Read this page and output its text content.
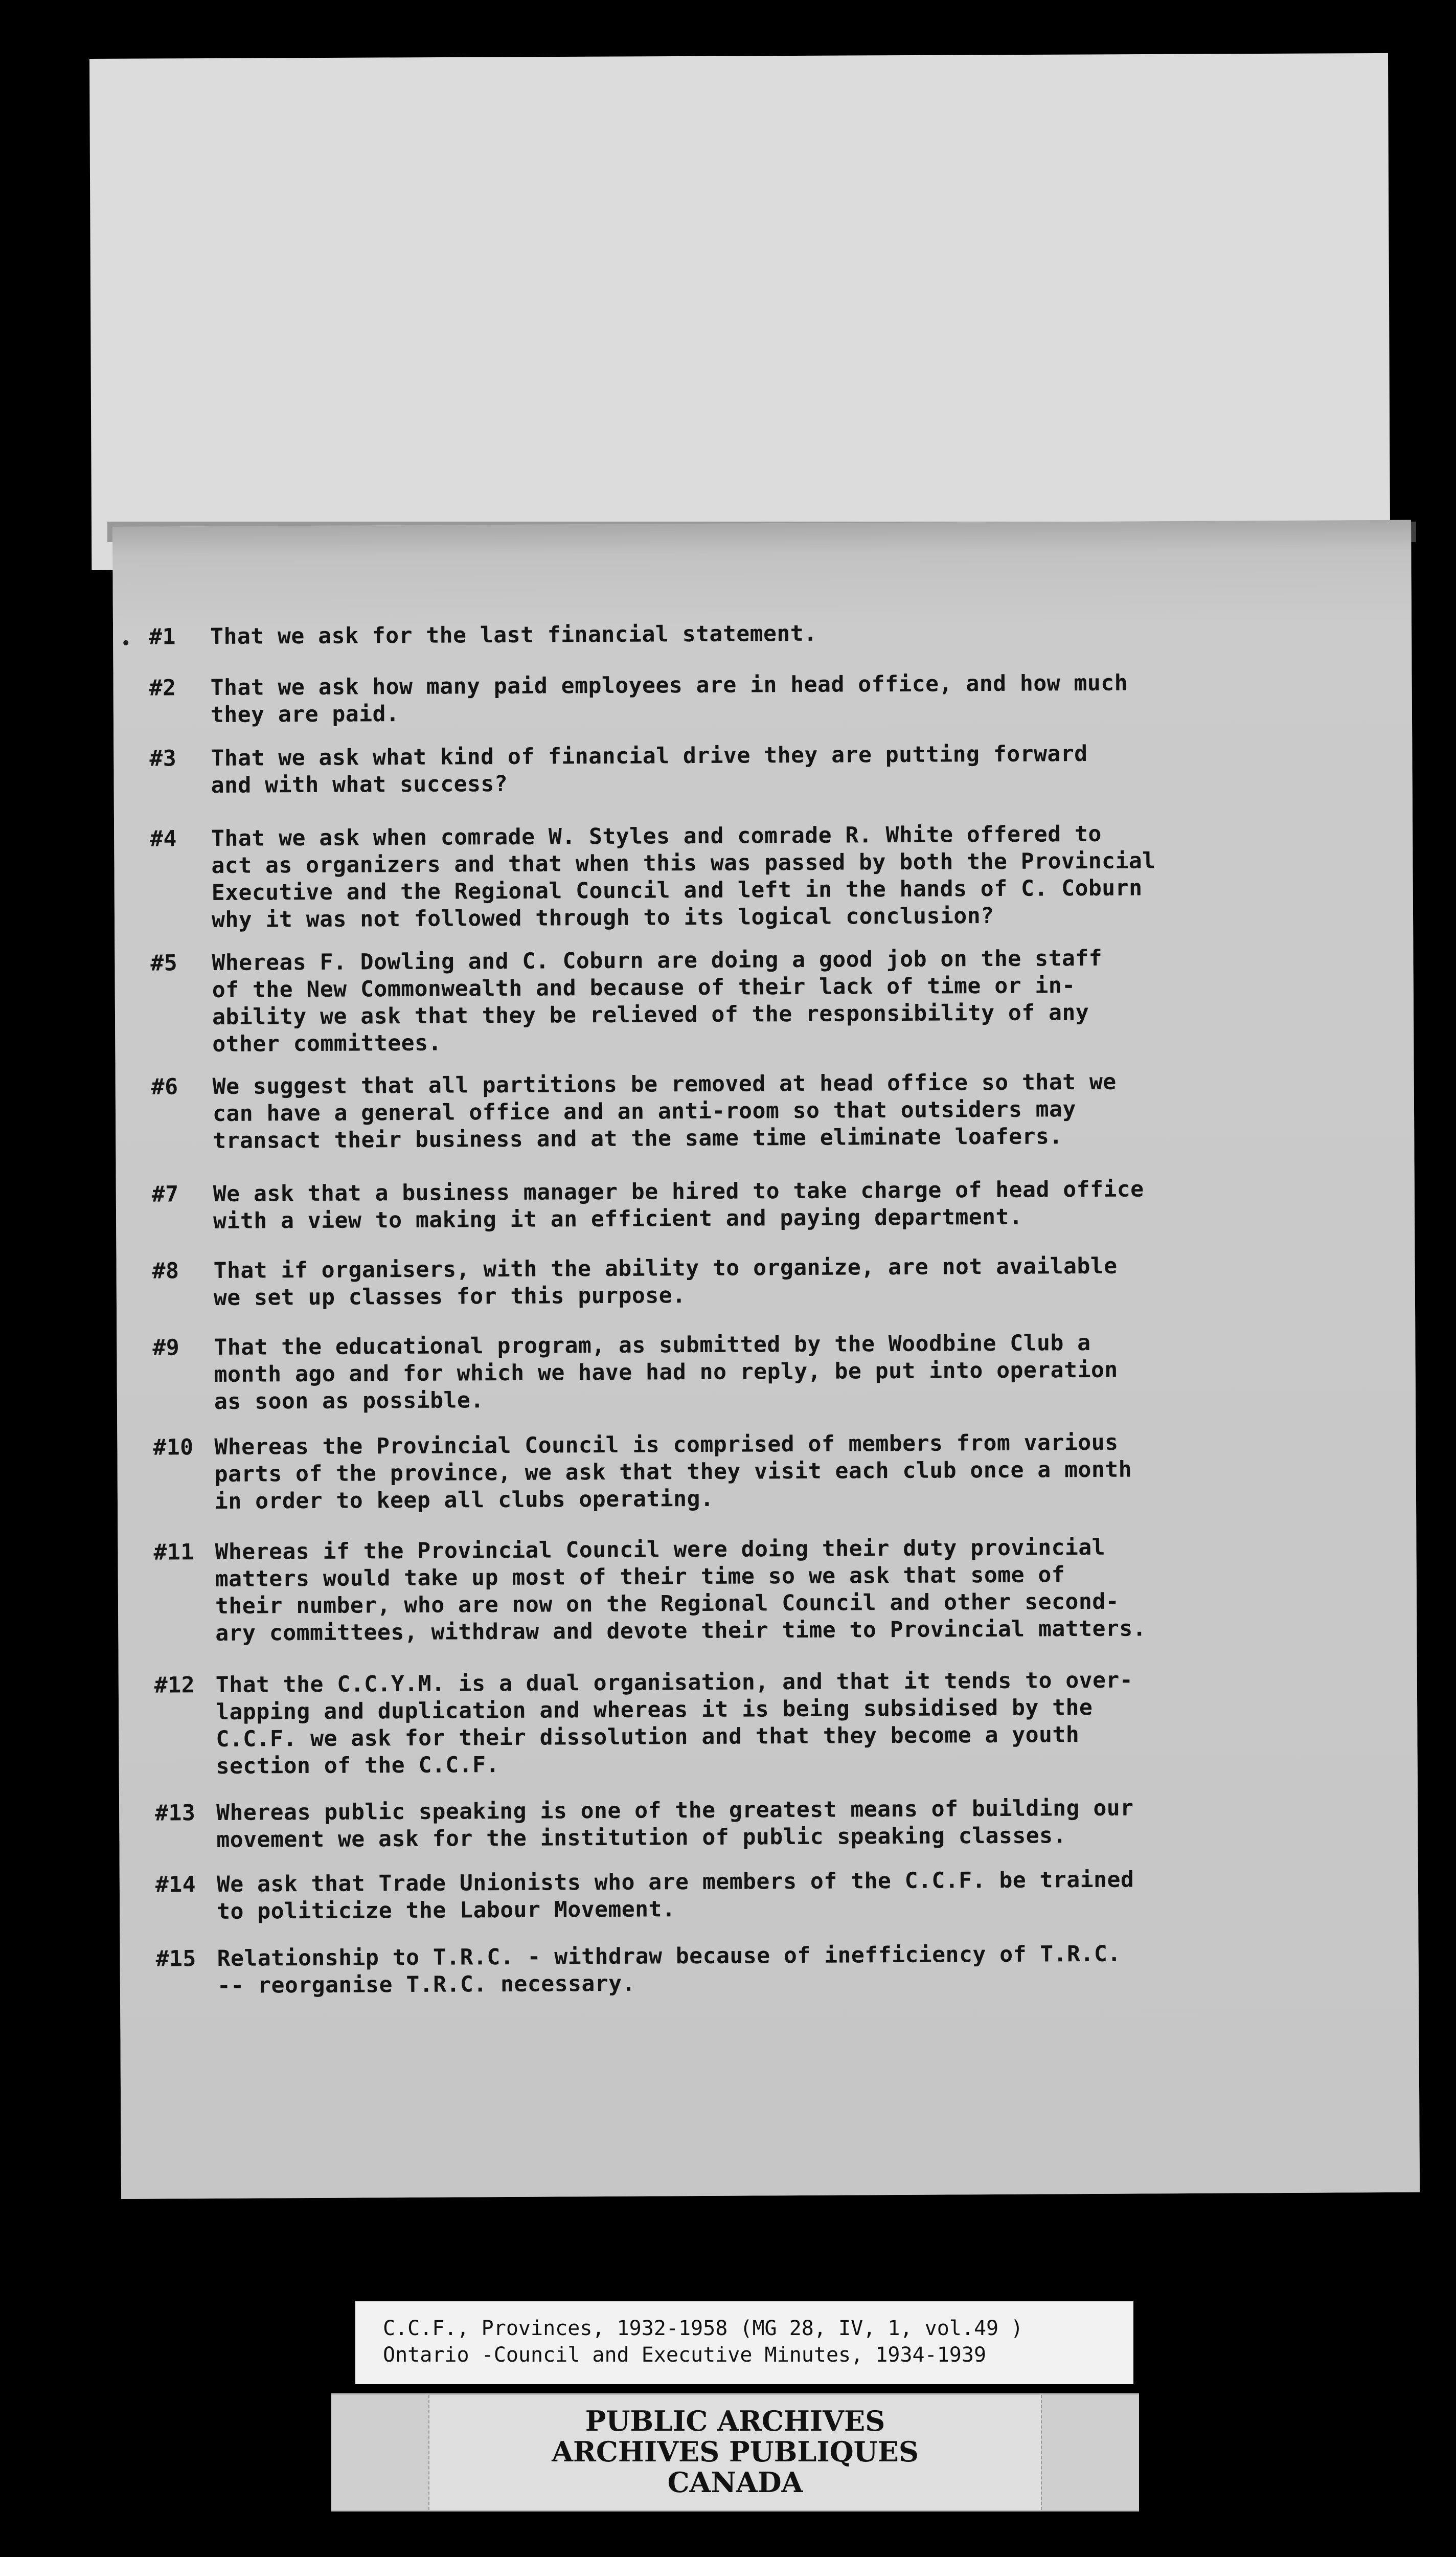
#1	That we ask for the last financial statement.
#2	That we ask how many paid employees are in head office, and how much
they are paid.
#3	That we ask what kind of financial drive they are putting forward
and with what success?
#4	That we ask when comrade W. Styles and comrade R. White offered to
act as organizers and that when this was passed by both the Provincial
Executive and the Regional Council and left in the hands of C. Coburn
why it was not followed through to its logical conclusion?
#5	Whereas F. Dowling and C. Coburn are doing a good job on the staff
of the New Commonwealth and because of their lack of time or in-
ability we ask that they be relieved of the responsibility of any
other committees.
#6	We suggest that all partitions be removed at head office so that we
can have a general office and an anti-room so that outsiders may
transact their business and at the same time eliminate loafers.
#7	We ask that a business manager be hired to take charge of head office
with a view to making it an efficient and paying department.
#8	That if organisers, with the ability to organize, are not available
we set up classes for this purpose.
#9	That the educational program, as submitted by the Woodbine Club a
month ago and for which we have had no reply, be put into operation
as soon as possible.
#10 Whereas the Provincial Council is comprised of members from various
parts of the province, we ask that they visit each club once a month
in order to keep all clubs operating.
#11 Whereas if the Provincial Council were doing their duty provincial
matters would take up most of their time so we ask that some of
their number, who are now on the Regional Council and other second-
ary committees, withdraw and devote their time to Provincial matters.
#12 That the C.C.Y.M. is a dual organisation, and that it tends to over-
lapping and duplication and whereas it is being subsidised by the
C.C.F. we ask for their dissolution and that they become a youth
section of the C.C.F.
#13 Whereas public speaking is one of the greatest means of building our
movement we ask for the institution of public speaking classes.
#14 We ask that Trade Unionists who are members of the C.C.F. be trained
to politicize the Labour Movement.
#15 Relationship to T.R.C. - withdraw because of inefficiency of T.R.C.
-- reorganise T.R.C. necessary.
C.C.F., Provinces, 1932-1958 (MG 28, IV, 1, vol.49 )
Ontario -Council and Executive Minutes, 1934-1939
PUBLIC ARCHIVES
ARCHIVES PUBLIQUES
CANADA
